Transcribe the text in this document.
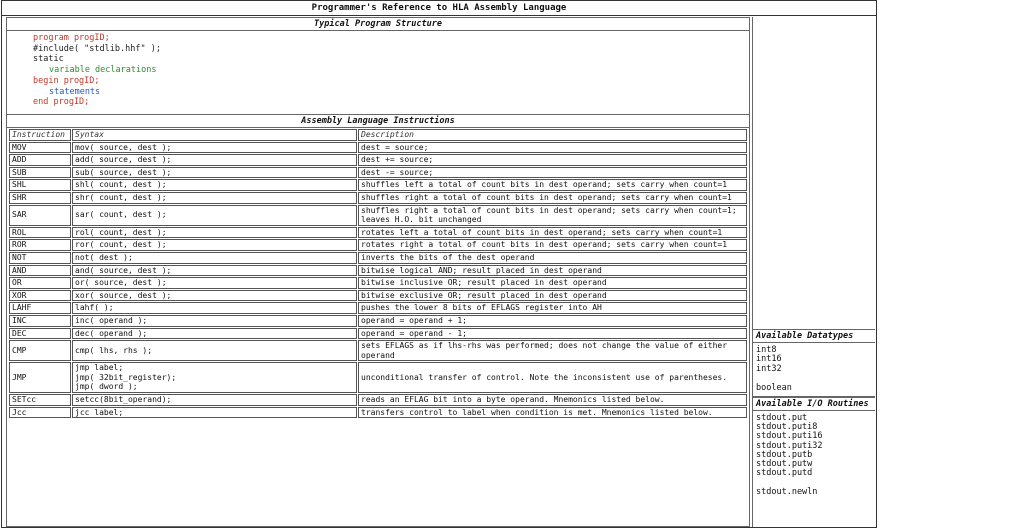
Programmer's Reference to HLA Assembly Language
Typical Program Structure
program progID;
#include( "stdlib.hhf" );
static
variable declarations
begin progID;
statements
end progID;
Assembly Language Instructions
Instruction	Syntax	Description
MOV	mov( source, dest );	dest = source;
ADD	add( source, dest );	dest += source;
SUB	sub( source, dest );	dest -= source;
SHL	shl( count, dest );	shuffles left a total of count bits in dest operand; sets carry when count=1
SHR	shr( count, dest );	shuffles right a total of count bits in dest operand; sets carry when count=1
SAR	sar( count, dest );	shuffles right a total of count bits in dest operand; sets carry when count=1; leaves H.O. bit unchanged
ROL	rol( count, dest );	rotates left a total of count bits in dest operand; sets carry when count=1
ROR	ror( count, dest );	rotates right a total of count bits in dest operand; sets carry when count=1
NOT	not( dest );	inverts the bits of the dest operand
AND	and( source, dest );	bitwise logical AND; result placed in dest operand
OR	or( source, dest );	bitwise inclusive OR; result placed in dest operand
XOR	xor( source, dest );	bitwise exclusive OR; result placed in dest operand
LAHF	lahf( );	pushes the lower 8 bits of EFLAGS register into AH
INC	inc( operand );	operand = operand + 1;
DEC	dec( operand );	operand = operand - 1;
CMP	cmp( lhs, rhs );	sets EFLAGS as if lhs-rhs was performed; does not change the value of either operand
JMP	jmp label;
jmp( 32bit_register);
jmp( dword );	unconditional transfer of control. Note the inconsistent use of parentheses.
SETcc	setcc(8bit_operand);	reads an EFLAG bit into a byte operand. Mnemonics listed below.
Jcc	jcc label;	transfers control to label when condition is met. Mnemonics listed below.
Available Datatypes
int8
int16
int32

boolean
Available I/O Routines
stdout.put
stdout.puti8
stdout.puti16
stdout.puti32
stdout.putb
stdout.putw
stdout.putd

stdout.newln
